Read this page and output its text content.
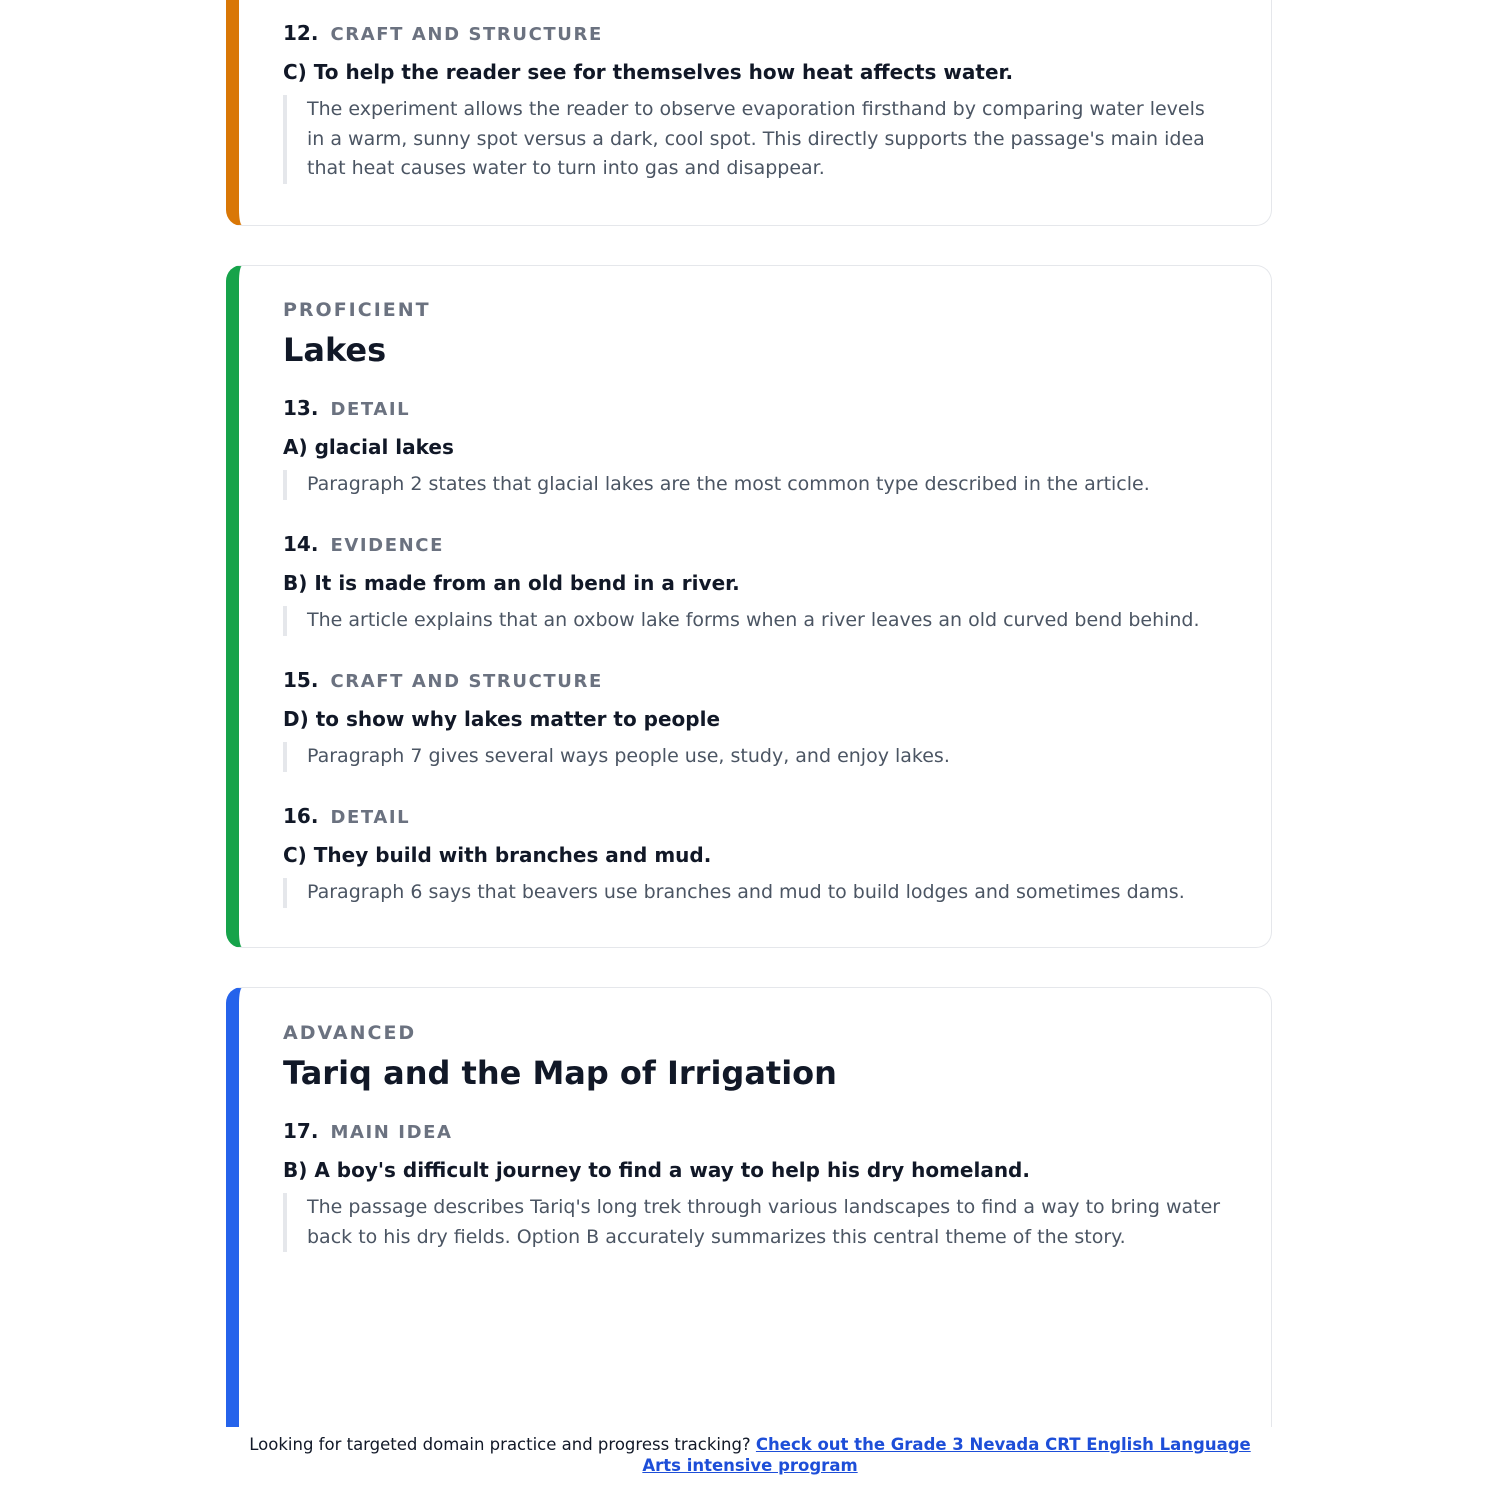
12. CRAFT AND STRUCTURE

C) To help the reader see for themselves how heat affects water.

The experiment allows the reader to observe evaporation firsthand by comparing water levels in a warm, sunny spot versus a dark, cool spot. This directly supports the passage's main idea that heat causes water to turn into gas and disappear.

PROFICIENT

Lakes

13. DETAIL

A) glacial lakes

Paragraph 2 states that glacial lakes are the most common type described in the article.

14. EVIDENCE

B) It is made from an old bend in a river.

The article explains that an oxbow lake forms when a river leaves an old curved bend behind.

15. CRAFT AND STRUCTURE

D) to show why lakes matter to people

Paragraph 7 gives several ways people use, study, and enjoy lakes.

16. DETAIL

C) They build with branches and mud.

Paragraph 6 says that beavers use branches and mud to build lodges and sometimes dams.

ADVANCED

Tariq and the Map of Irrigation

17. MAIN IDEA

B) A boy's difficult journey to find a way to help his dry homeland.

The passage describes Tariq's long trek through various landscapes to find a way to bring water back to his dry fields. Option B accurately summarizes this central theme of the story.

Looking for targeted domain practice and progress tracking? Check out the Grade 3 Nevada CRT English Language Arts intensive program
